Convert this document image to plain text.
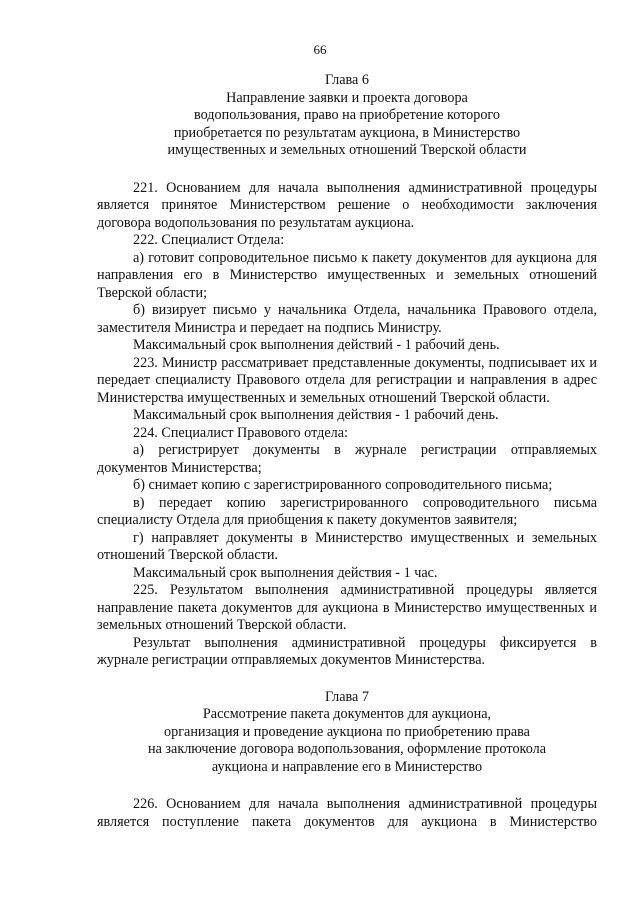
66

Глава 6

Направление заявки и проекта договора

водопользования, право на приобретение которого

приобретается по результатам аукциона, в Министерство

имущественных и земельных отношений Тверской области

221. Основанием для начала выполнения административной процедуры является принятое Министерством решение о необходимости заключения договора водопользования по результатам аукциона.

222. Специалист Отдела:

а) готовит сопроводительное письмо к пакету документов для аукциона для направления его в Министерство имущественных и земельных отношений Тверской области;

б) визирует письмо у начальника Отдела, начальника Правового отдела, заместителя Министра и передает на подпись Министру.

Максимальный срок выполнения действий - 1 рабочий день.

223. Министр рассматривает представленные документы, подписывает их и передает специалисту Правового отдела для регистрации и направления в адрес Министерства имущественных и земельных отношений Тверской области.

Максимальный срок выполнения действия - 1 рабочий день.

224. Специалист Правового отдела:

а) регистрирует документы в журнале регистрации отправляемых документов Министерства;

б) снимает копию с зарегистрированного сопроводительного письма;

в) передает копию зарегистрированного сопроводительного письма специалисту Отдела для приобщения к пакету документов заявителя;

г) направляет документы в Министерство имущественных и земельных отношений Тверской области.

Максимальный срок выполнения действия - 1 час.

225. Результатом выполнения административной процедуры является направление пакета документов для аукциона в Министерство имущественных и земельных отношений Тверской области.

Результат выполнения административной процедуры фиксируется в журнале регистрации отправляемых документов Министерства.

Глава 7

Рассмотрение пакета документов для аукциона,

организация и проведение аукциона по приобретению права

на заключение договора водопользования, оформление протокола

аукциона и направление его в Министерство

226. Основанием для начала выполнения административной процедуры является поступление пакета документов для аукциона в Министерство
